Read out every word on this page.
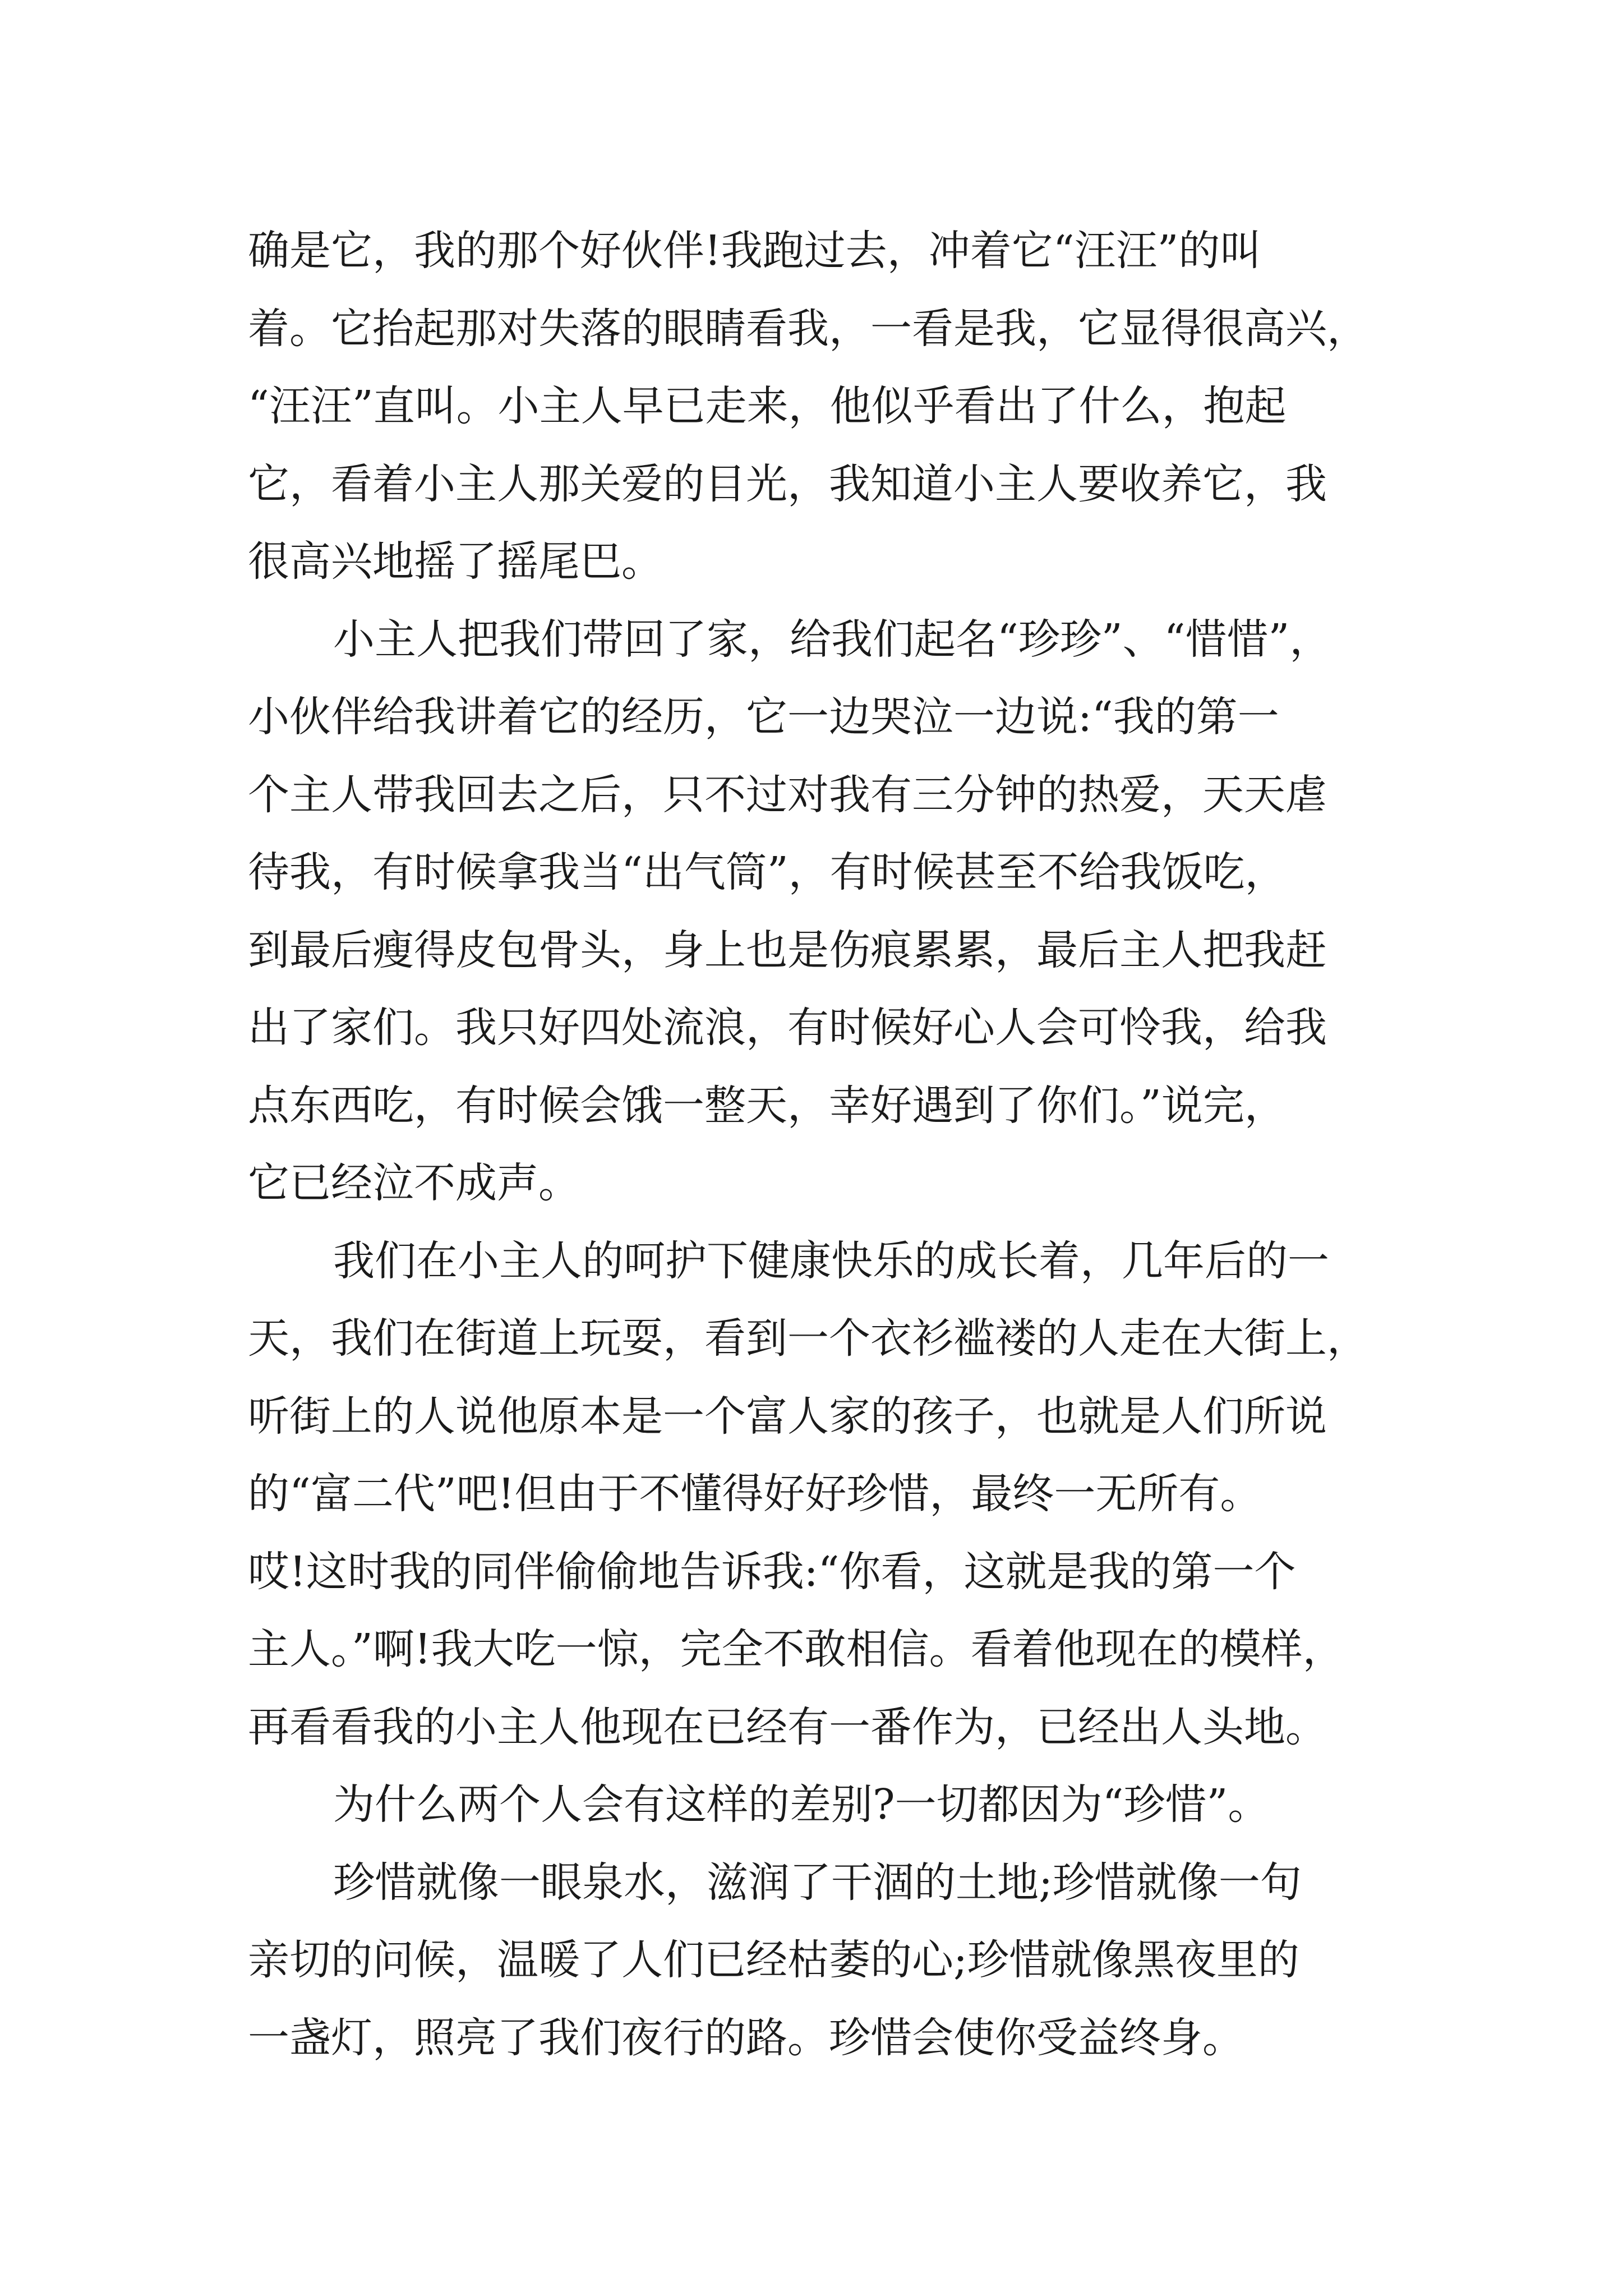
确是它，我的那个好伙伴!我跑过去，冲着它“汪汪”的叫
着。它抬起那对失落的眼睛看我，一看是我，它显得很高兴，
“汪汪”直叫。小主人早已走来，他似乎看出了什么，抱起
它，看着小主人那关爱的目光，我知道小主人要收养它，我
很高兴地摇了摇尾巴。
小主人把我们带回了家，给我们起名“珍珍”、“惜惜”，
小伙伴给我讲着它的经历，它一边哭泣一边说:“我的第一
个主人带我回去之后，只不过对我有三分钟的热爱，天天虐
待我，有时候拿我当“出气筒”，有时候甚至不给我饭吃，
到最后瘦得皮包骨头，身上也是伤痕累累，最后主人把我赶
出了家们。我只好四处流浪，有时候好心人会可怜我，给我
点东西吃，有时候会饿一整天，幸好遇到了你们。”说完，
它已经泣不成声。
我们在小主人的呵护下健康快乐的成长着，几年后的一
天，我们在街道上玩耍，看到一个衣衫褴褛的人走在大街上，
听街上的人说他原本是一个富人家的孩子，也就是人们所说
的“富二代”吧!但由于不懂得好好珍惜，最终一无所有。
哎!这时我的同伴偷偷地告诉我:“你看，这就是我的第一个
主人。”啊!我大吃一惊，完全不敢相信。看着他现在的模样，
再看看我的小主人他现在已经有一番作为，已经出人头地。
为什么两个人会有这样的差别?一切都因为“珍惜”。
珍惜就像一眼泉水，滋润了干涸的土地;珍惜就像一句
亲切的问候，温暖了人们已经枯萎的心;珍惜就像黑夜里的
一盏灯，照亮了我们夜行的路。珍惜会使你受益终身。
